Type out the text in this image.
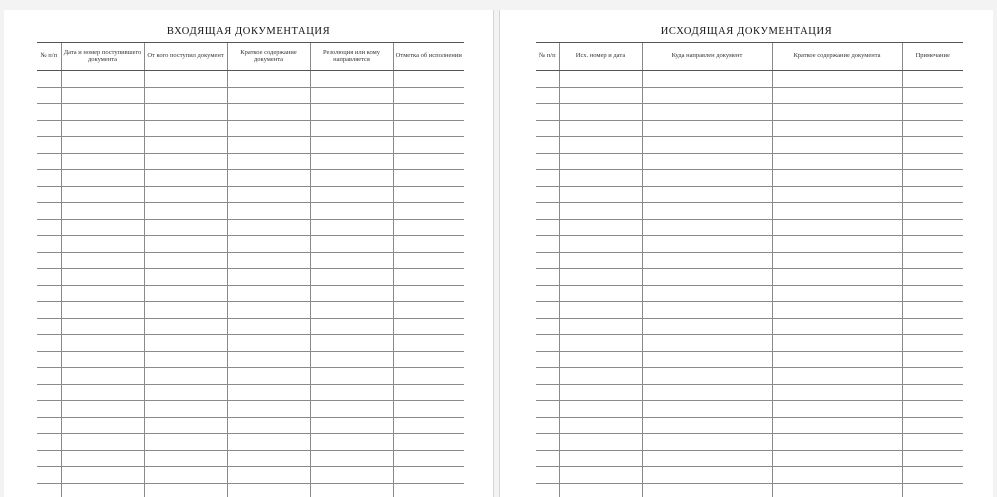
ВХОДЯЩАЯ ДОКУМЕНТАЦИЯ
№ п/п	Дата и номер поступившего документа	От кого поступил документ	Краткое содержание документа	Резолюция или кому направляется	Отметка об исполнении

ИСХОДЯЩАЯ ДОКУМЕНТАЦИЯ
№ п/п	Исх. номер и дата	Куда направлен документ	Краткое содержание документа	Примечание
